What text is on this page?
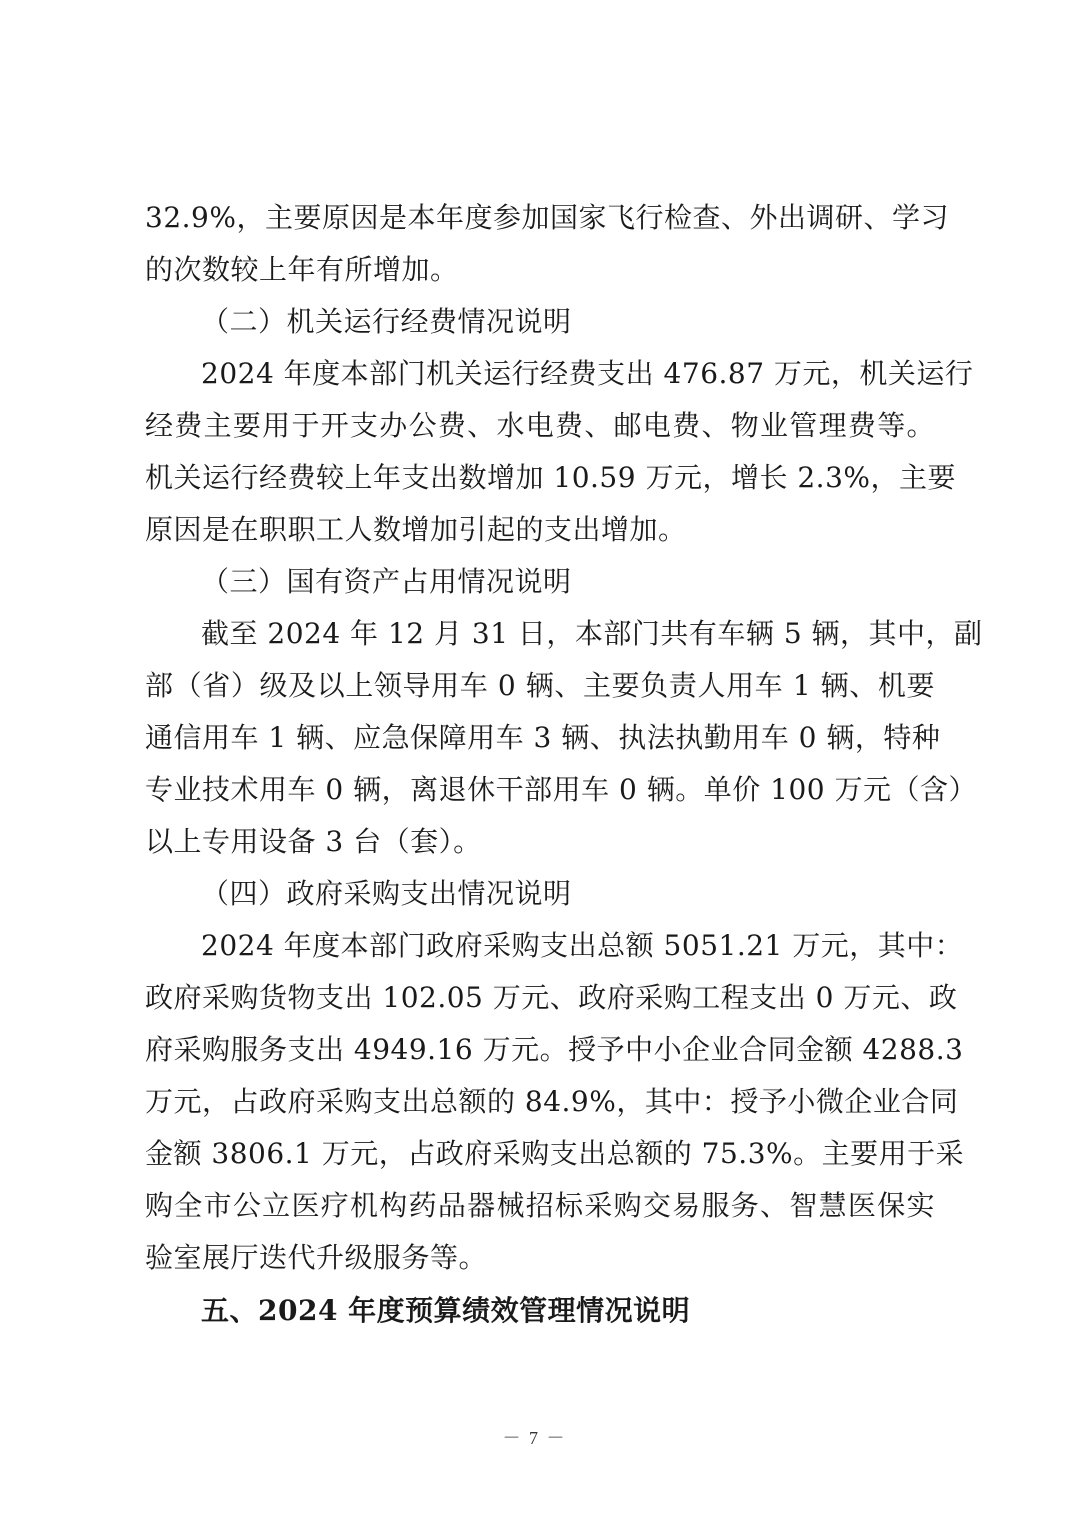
32.9%，主要原因是本年度参加国家飞行检查、外出调研、学习
的次数较上年有所增加。
（二）机关运行经费情况说明
2024 年度本部门机关运行经费支出 476.87 万元，机关运行
经费主要用于开支办公费、水电费、邮电费、物业管理费等。
机关运行经费较上年支出数增加 10.59 万元，增长 2.3%，主要
原因是在职职工人数增加引起的支出增加。
（三）国有资产占用情况说明
截至 2024 年 12 月 31 日，本部门共有车辆 5 辆，其中，副
部（省）级及以上领导用车 0 辆、主要负责人用车 1 辆、机要
通信用车 1 辆、应急保障用车 3 辆、执法执勤用车 0 辆，特种
专业技术用车 0 辆，离退休干部用车 0 辆。单价 100 万元（含）
以上专用设备 3 台（套）。
（四）政府采购支出情况说明
2024 年度本部门政府采购支出总额 5051.21 万元，其中：
政府采购货物支出 102.05 万元、政府采购工程支出 0 万元、政
府采购服务支出 4949.16 万元。授予中小企业合同金额 4288.3
万元，占政府采购支出总额的 84.9%，其中：授予小微企业合同
金额 3806.1 万元，占政府采购支出总额的 75.3%。主要用于采
购全市公立医疗机构药品器械招标采购交易服务、智慧医保实
验室展厅迭代升级服务等。
五、2024 年度预算绩效管理情况说明
－ 7 －
